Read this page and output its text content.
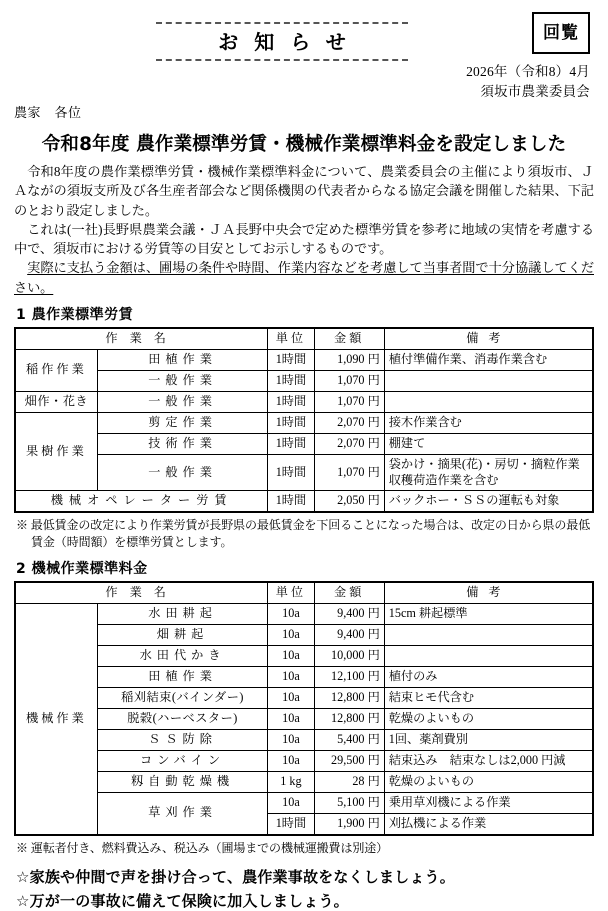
回覧
お知らせ
2026年（令和8）4月
須坂市農業委員会
農家　各位
令和8年度 農作業標準労賃・機械作業標準料金を設定しました

令和8年度の農作業標準労賃・機械作業標準料金について、農業委員会の主催により須坂市、ＪＡながの須坂支所及び各生産者部会など関係機関の代表者からなる協定会議を開催した結果、下記のとおり設定しました。

これは(一社)長野県農業会議・ＪＡ長野中央会で定めた標準労賃を参考に地域の実情を考慮する中で、須坂市における労賃等の目安としてお示しするものです。

実際に支払う金額は、圃場の条件や時間、作業内容などを考慮して当事者間で十分協議してください。

1 農作業標準労賃
作業名		単位	金額	備考
稲作作業	田植作業	1時間	1,090 円	植付準備作業、消毒作業含む
	一般作業	1時間	1,070 円	
畑作・花き	一般作業	1時間	1,070 円	
果樹作業	剪定作業	1時間	2,070 円	接木作業含む
	技術作業	1時間	2,070 円	棚建て
	一般作業	1時間	1,070 円	袋かけ・摘果(花)・房切・摘粒作業
収穫荷造作業を含む

機械オペレーター労賃		1時間	2,050 円	バックホー・ＳＳの運転も対象
※ 最低賃金の改定により作業労賃が長野県の最低賃金を下回ることになった場合は、改定の日から県の最低賃金（時間額）を標準労賃とします。
2 機械作業標準料金
作業名		単位	金額	備考
機械作業	水田耕起	10a	9,400 円	15cm 耕起標準
	畑耕起	10a	9,400 円	
	水田代かき	10a	10,000 円	
	田植作業	10a	12,100 円	植付のみ
	稲刈結束(バインダー)	10a	12,800 円	結束ヒモ代含む
	脱穀(ハーベスター)	10a	12,800 円	乾燥のよいもの
	ＳＳ防除	10a	5,400 円	1回、薬剤費別
	コンバイン	10a	29,500 円	結束込み　結束なしは2,000 円減
	籾自動乾燥機	1 kg	28 円	乾燥のよいもの
	草刈作業	10a	5,100 円	乗用草刈機による作業
		1時間	1,900 円	刈払機による作業
※ 運転者付き、燃料費込み、税込み（圃場までの機械運搬費は別途）
☆家族や仲間で声を掛け合って、農作業事故をなくしましょう。
☆万が一の事故に備えて保険に加入しましょう。
